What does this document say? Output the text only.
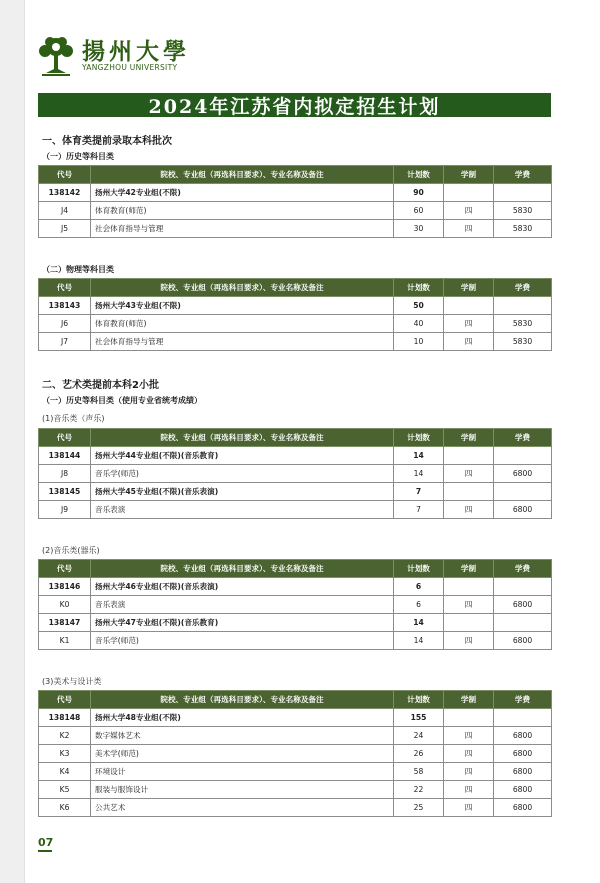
揚州大學
YANGZHOU UNIVERSITY
2024年江苏省内拟定招生计划
一、体育类提前录取本科批次
（一）历史等科目类
代号	院校、专业组（再选科目要求）、专业名称及备注	计划数	学制	学费
138142	扬州大学42专业组(不限)	90		
J4	体育教育(师范)	60	四	5830
J5	社会体育指导与管理	30	四	5830
（二）物理等科目类
代号	院校、专业组（再选科目要求）、专业名称及备注	计划数	学制	学费
138143	扬州大学43专业组(不限)	50		
J6	体育教育(师范)	40	四	5830
J7	社会体育指导与管理	10	四	5830
二、艺术类提前本科2小批
（一）历史等科目类（使用专业省统考成绩）
(1)音乐类（声乐)
代号	院校、专业组（再选科目要求）、专业名称及备注	计划数	学制	学费
138144	扬州大学44专业组(不限)(音乐教育)	14		
J8	音乐学(师范)	14	四	6800
138145	扬州大学45专业组(不限)(音乐表演)	7		
J9	音乐表演	7	四	6800
(2)音乐类(器乐)
代号	院校、专业组（再选科目要求）、专业名称及备注	计划数	学制	学费
138146	扬州大学46专业组(不限)(音乐表演)	6		
K0	音乐表演	6	四	6800
138147	扬州大学47专业组(不限)(音乐教育)	14		
K1	音乐学(师范)	14	四	6800
(3)美术与设计类
代号	院校、专业组（再选科目要求）、专业名称及备注	计划数	学制	学费
138148	扬州大学48专业组(不限)	155		
K2	数字媒体艺术	24	四	6800
K3	美术学(师范)	26	四	6800
K4	环境设计	58	四	6800
K5	服装与服饰设计	22	四	6800
K6	公共艺术	25	四	6800
07
